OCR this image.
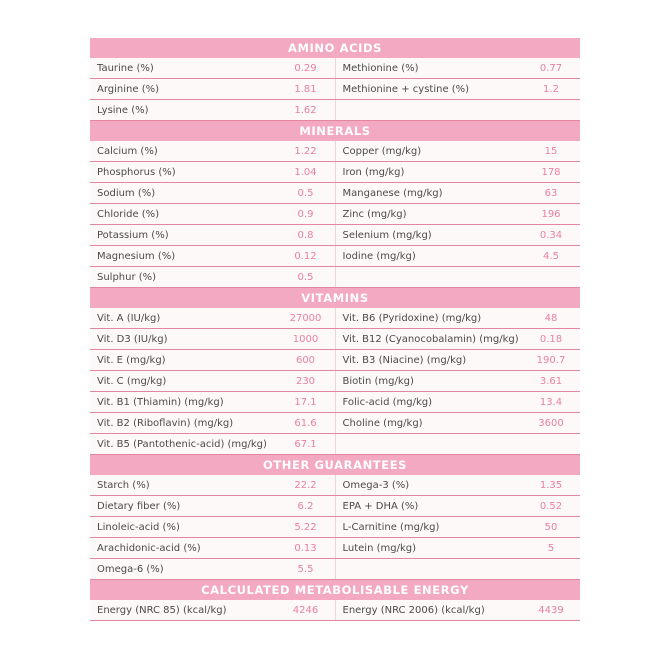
AMINO ACIDS
Taurine (%)	0.29	Methionine (%)	0.77
Arginine (%)	1.81	Methionine + cystine (%)	1.2
Lysine (%)	1.62
MINERALS
Calcium (%)	1.22	Copper (mg/kg)	15
Phosphorus (%)	1.04	Iron (mg/kg)	178
Sodium (%)	0.5	Manganese (mg/kg)	63
Chloride (%)	0.9	Zinc (mg/kg)	196
Potassium (%)	0.8	Selenium (mg/kg)	0.34
Magnesium (%)	0.12	Iodine (mg/kg)	4.5
Sulphur (%)	0.5
VITAMINS
Vit. A (IU/kg)	27000	Vit. B6 (Pyridoxine) (mg/kg)	48
Vit. D3 (IU/kg)	1000	Vit. B12 (Cyanocobalamin) (mg/kg)	0.18
Vit. E (mg/kg)	600	Vit. B3 (Niacine) (mg/kg)	190.7
Vit. C (mg/kg)	230	Biotin (mg/kg)	3.61
Vit. B1 (Thiamin) (mg/kg)	17.1	Folic-acid (mg/kg)	13.4
Vit. B2 (Riboflavin) (mg/kg)	61.6	Choline (mg/kg)	3600
Vit. B5 (Pantothenic-acid) (mg/kg)	67.1
OTHER GUARANTEES
Starch (%)	22.2	Omega-3 (%)	1.35
Dietary fiber (%)	6.2	EPA + DHA (%)	0.52
Linoleic-acid (%)	5.22	L-Carnitine (mg/kg)	50
Arachidonic-acid (%)	0.13	Lutein (mg/kg)	5
Omega-6 (%)	5.5
CALCULATED METABOLISABLE ENERGY
Energy (NRC 85) (kcal/kg)	4246	Energy (NRC 2006) (kcal/kg)	4439
